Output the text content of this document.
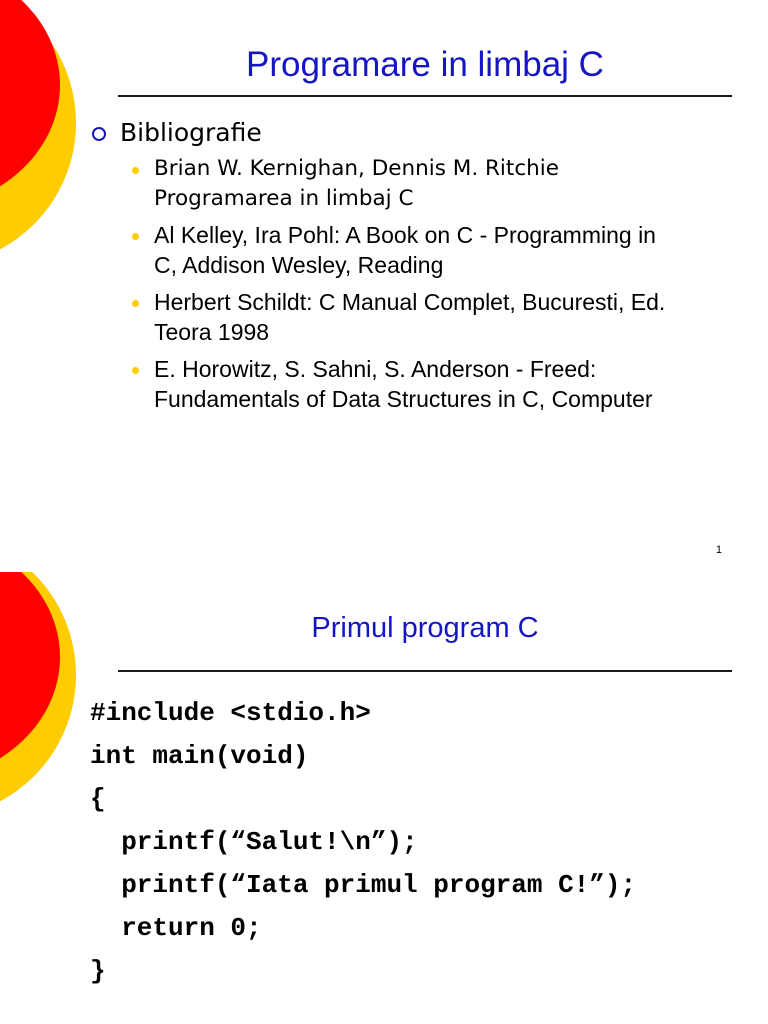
Programare in limbaj C
Bibliografie
Brian W. Kernighan, Dennis M. Ritchie
Programarea in limbaj C
Al Kelley, Ira Pohl: A Book on C - Programming in
C, Addison Wesley, Reading
Herbert Schildt: C Manual Complet, Bucuresti, Ed.
Teora 1998
E. Horowitz, S. Sahni, S. Anderson - Freed:
Fundamentals of Data Structures in C, Computer
1
Primul program C
#include <stdio.h>
int main(void)
{
printf(“Salut!\n”);
printf(“Iata primul program C!”);
return 0;
}
